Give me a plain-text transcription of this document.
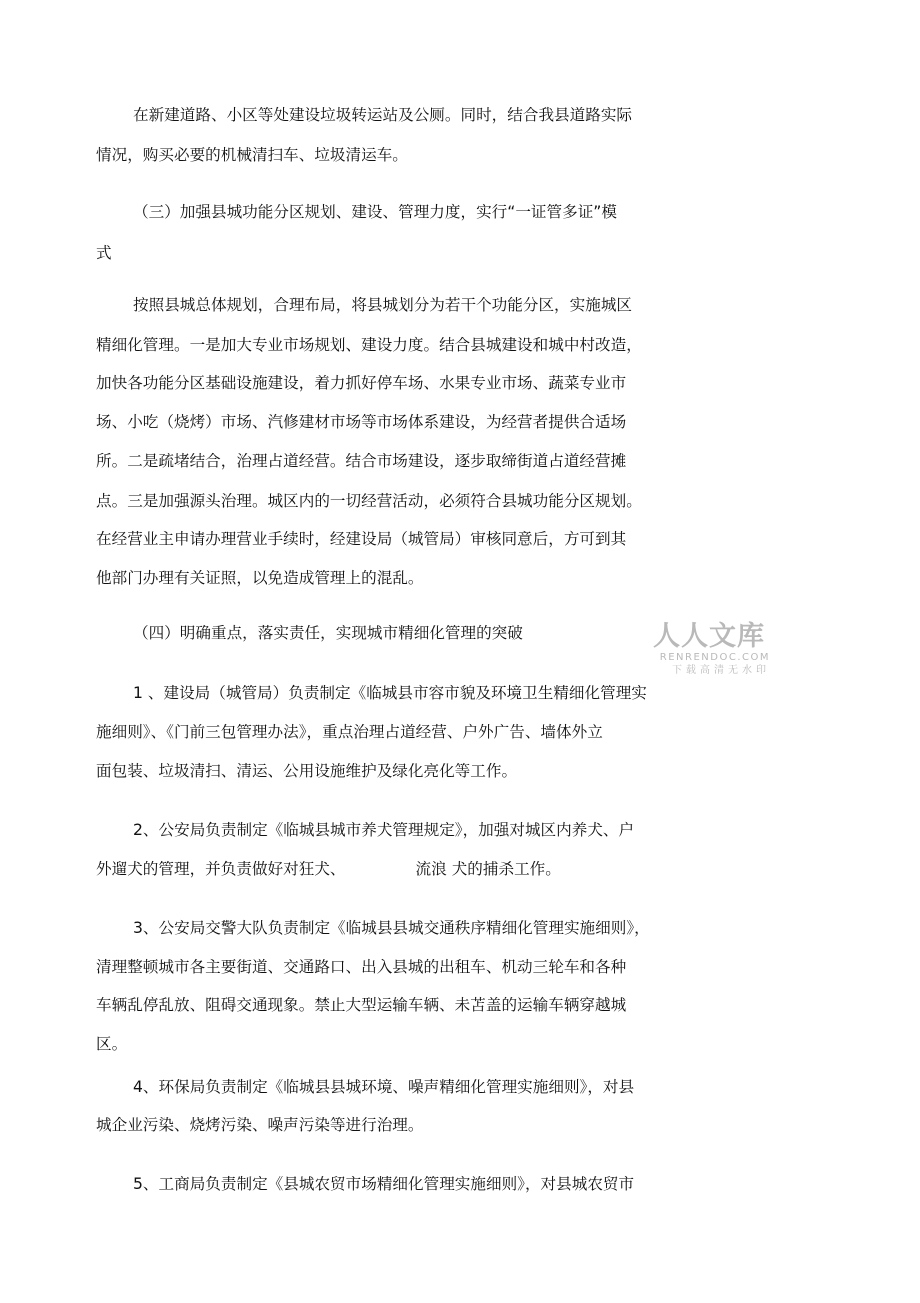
在新建道路、小区等处建设垃圾转运站及公厕。同时，结合我县道路实际
情况，购买必要的机械清扫车、垃圾清运车。
（三）加强县城功能分区规划、建设、管理力度，实行“一证管多证”模
式
按照县城总体规划，合理布局，将县城划分为若干个功能分区，实施城区
精细化管理。一是加大专业市场规划、建设力度。结合县城建设和城中村改造，
加快各功能分区基础设施建设，着力抓好停车场、水果专业市场、蔬菜专业市
场、小吃（烧烤）市场、汽修建材市场等市场体系建设，为经营者提供合适场
所。二是疏堵结合，治理占道经营。结合市场建设，逐步取缔街道占道经营摊
点。三是加强源头治理。城区内的一切经营活动，必须符合县城功能分区规划。
在经营业主申请办理营业手续时，经建设局（城管局）审核同意后，方可到其
他部门办理有关证照，以免造成管理上的混乱。
（四）明确重点，落实责任，实现城市精细化管理的突破
1 、建设局（城管局）负责制定《临城县市容市貌及环境卫生精细化管理实
施细则》、《门前三包管理办法》，重点治理占道经营、户外广告、墙体外立
面包装、垃圾清扫、清运、公用设施维护及绿化亮化等工作。
2、公安局负责制定《临城县城市养犬管理规定》，加强对城区内养犬、户
外遛犬的管理，并负责做好对狂犬、	流浪 犬的捕杀工作。
3、公安局交警大队负责制定《临城县县城交通秩序精细化管理实施细则》，
清理整顿城市各主要街道、交通路口、出入县城的出租车、机动三轮车和各种
车辆乱停乱放、阻碍交通现象。禁止大型运输车辆、未苫盖的运输车辆穿越城
区。
4、环保局负责制定《临城县县城环境、噪声精细化管理实施细则》，对县
城企业污染、烧烤污染、噪声污染等进行治理。
5、工商局负责制定《县城农贸市场精细化管理实施细则》，对县城农贸市
人人文库
RENRENDOC.COM
下载高清无水印
